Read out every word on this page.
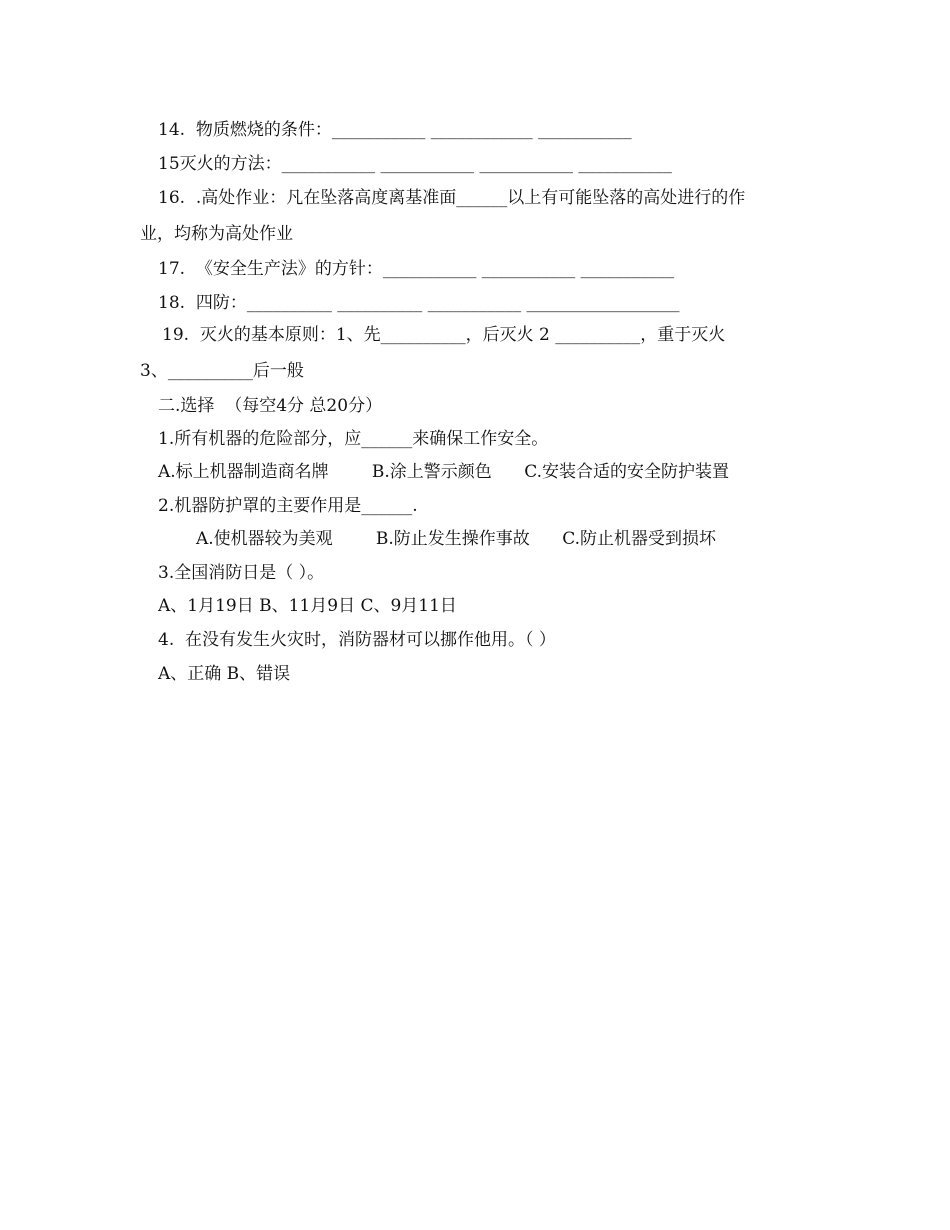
14.  物质燃烧的条件：___________ ____________ ___________
15灭火的方法：___________ ___________ ___________ ___________
16.  .高处作业：凡在坠落高度离基准面______以上有可能坠落的高处进行的作
业，均称为高处作业
17.  《安全生产法》的方针：___________ ___________ ___________
18.  四防：__________ __________ ___________ __________________
19.  灭火的基本原则：1、先__________，后灭火 2 __________，重于灭火
3、__________后一般
二.选择  （每空4分 总20分）
1.所有机器的危险部分，应______来确保工作安全。
A.标上机器制造商名牌        B.涂上警示颜色      C.安装合适的安全防护装置
2.机器防护罩的主要作用是______.
A.使机器较为美观        B.防止发生操作事故      C.防止机器受到损坏
3.全国消防日是（ ）。
A、1月19日 B、11月9日 C、9月11日
4.  在没有发生火灾时，消防器材可以挪作他用。（ ）
A、正确 B、错误
